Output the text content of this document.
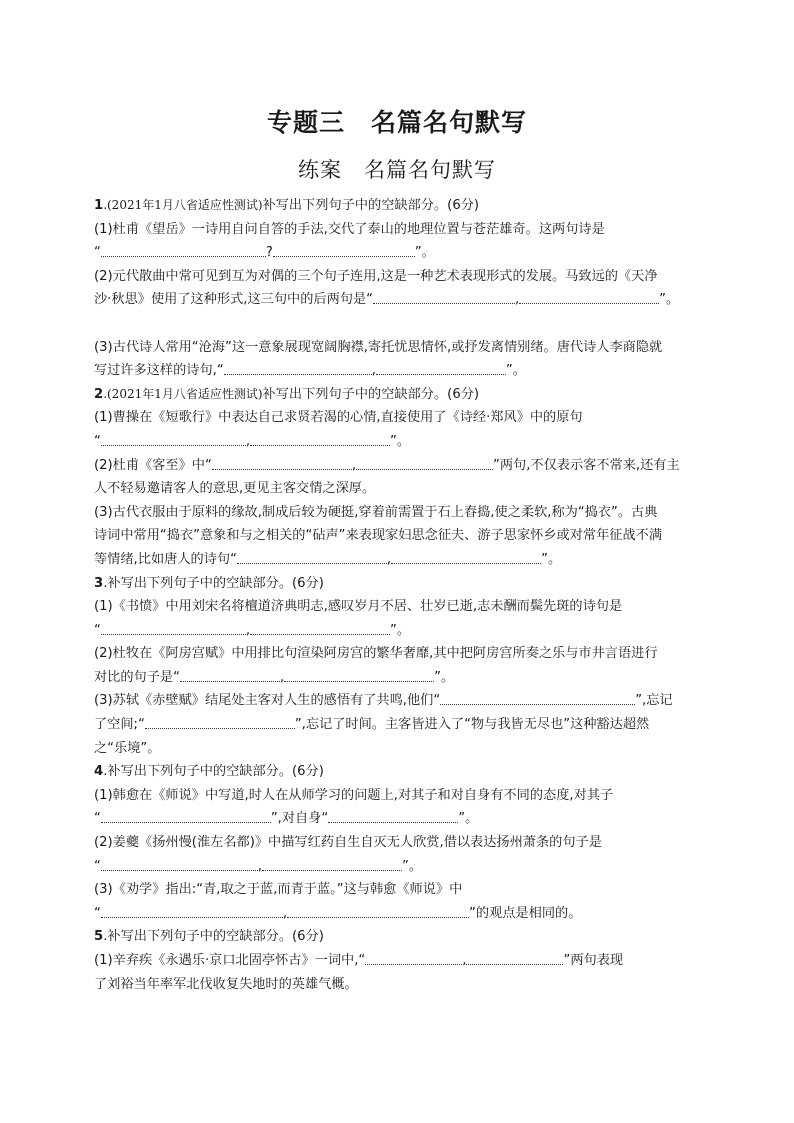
专题三　名篇名句默写
练案　名篇名句默写
1.(2021年1月八省适应性测试)补写出下列句子中的空缺部分。(6分)
(1)杜甫《望岳》一诗用自问自答的手法,交代了泰山的地理位置与苍茫雄奇。这两句诗是
“	?	”。
(2)元代散曲中常可见到互为对偶的三个句子连用,这是一种艺术表现形式的发展。马致远的《天净
沙·秋思》使用了这种形式,这三句中的后两句是“	,	”。
(3)古代诗人常用“沧海”这一意象展现宽阔胸襟,寄托忧思情怀,或抒发离情别绪。唐代诗人李商隐就
写过许多这样的诗句,“	,	”。
2.(2021年1月八省适应性测试)补写出下列句子中的空缺部分。(6分)
(1)曹操在《短歌行》中表达自己求贤若渴的心情,直接使用了《诗经·郑风》中的原句
“	,	”。
(2)杜甫《客至》中“	,	”两句,不仅表示客不常来,还有主
人不轻易邀请客人的意思,更见主客交情之深厚。
(3)古代衣服由于原料的缘故,制成后较为硬挺,穿着前需置于石上舂捣,使之柔软,称为“捣衣”。古典
诗词中常用“捣衣”意象和与之相关的“砧声”来表现家妇思念征夫、游子思家怀乡或对常年征战不满
等情绪,比如唐人的诗句“	,	”。
3.补写出下列句子中的空缺部分。(6分)
(1)《书愤》中用刘宋名将檀道济典明志,感叹岁月不居、壮岁已逝,志未酬而鬓先斑的诗句是
“	,	”。
(2)杜牧在《阿房宫赋》中用排比句渲染阿房宫的繁华奢靡,其中把阿房宫所奏之乐与市井言语进行
对比的句子是“	,	”。
(3)苏轼《赤壁赋》结尾处主客对人生的感悟有了共鸣,他们“	”,忘记
了空间;“	”,忘记了时间。主客皆进入了“物与我皆无尽也”这种豁达超然
之“乐境”。
4.补写出下列句子中的空缺部分。(6分)
(1)韩愈在《师说》中写道,时人在从师学习的问题上,对其子和对自身有不同的态度,对其子
“	”,对自身“	”。
(2)姜夔《扬州慢(淮左名都)》中描写红药自生自灭无人欣赏,借以表达扬州萧条的句子是
“	,	”。
(3)《劝学》指出:“青,取之于蓝,而青于蓝。”这与韩愈《师说》中
“	,	”的观点是相同的。
5.补写出下列句子中的空缺部分。(6分)
(1)辛弃疾《永遇乐·京口北固亭怀古》一词中,“	,	”两句表现
了刘裕当年率军北伐收复失地时的英雄气概。
